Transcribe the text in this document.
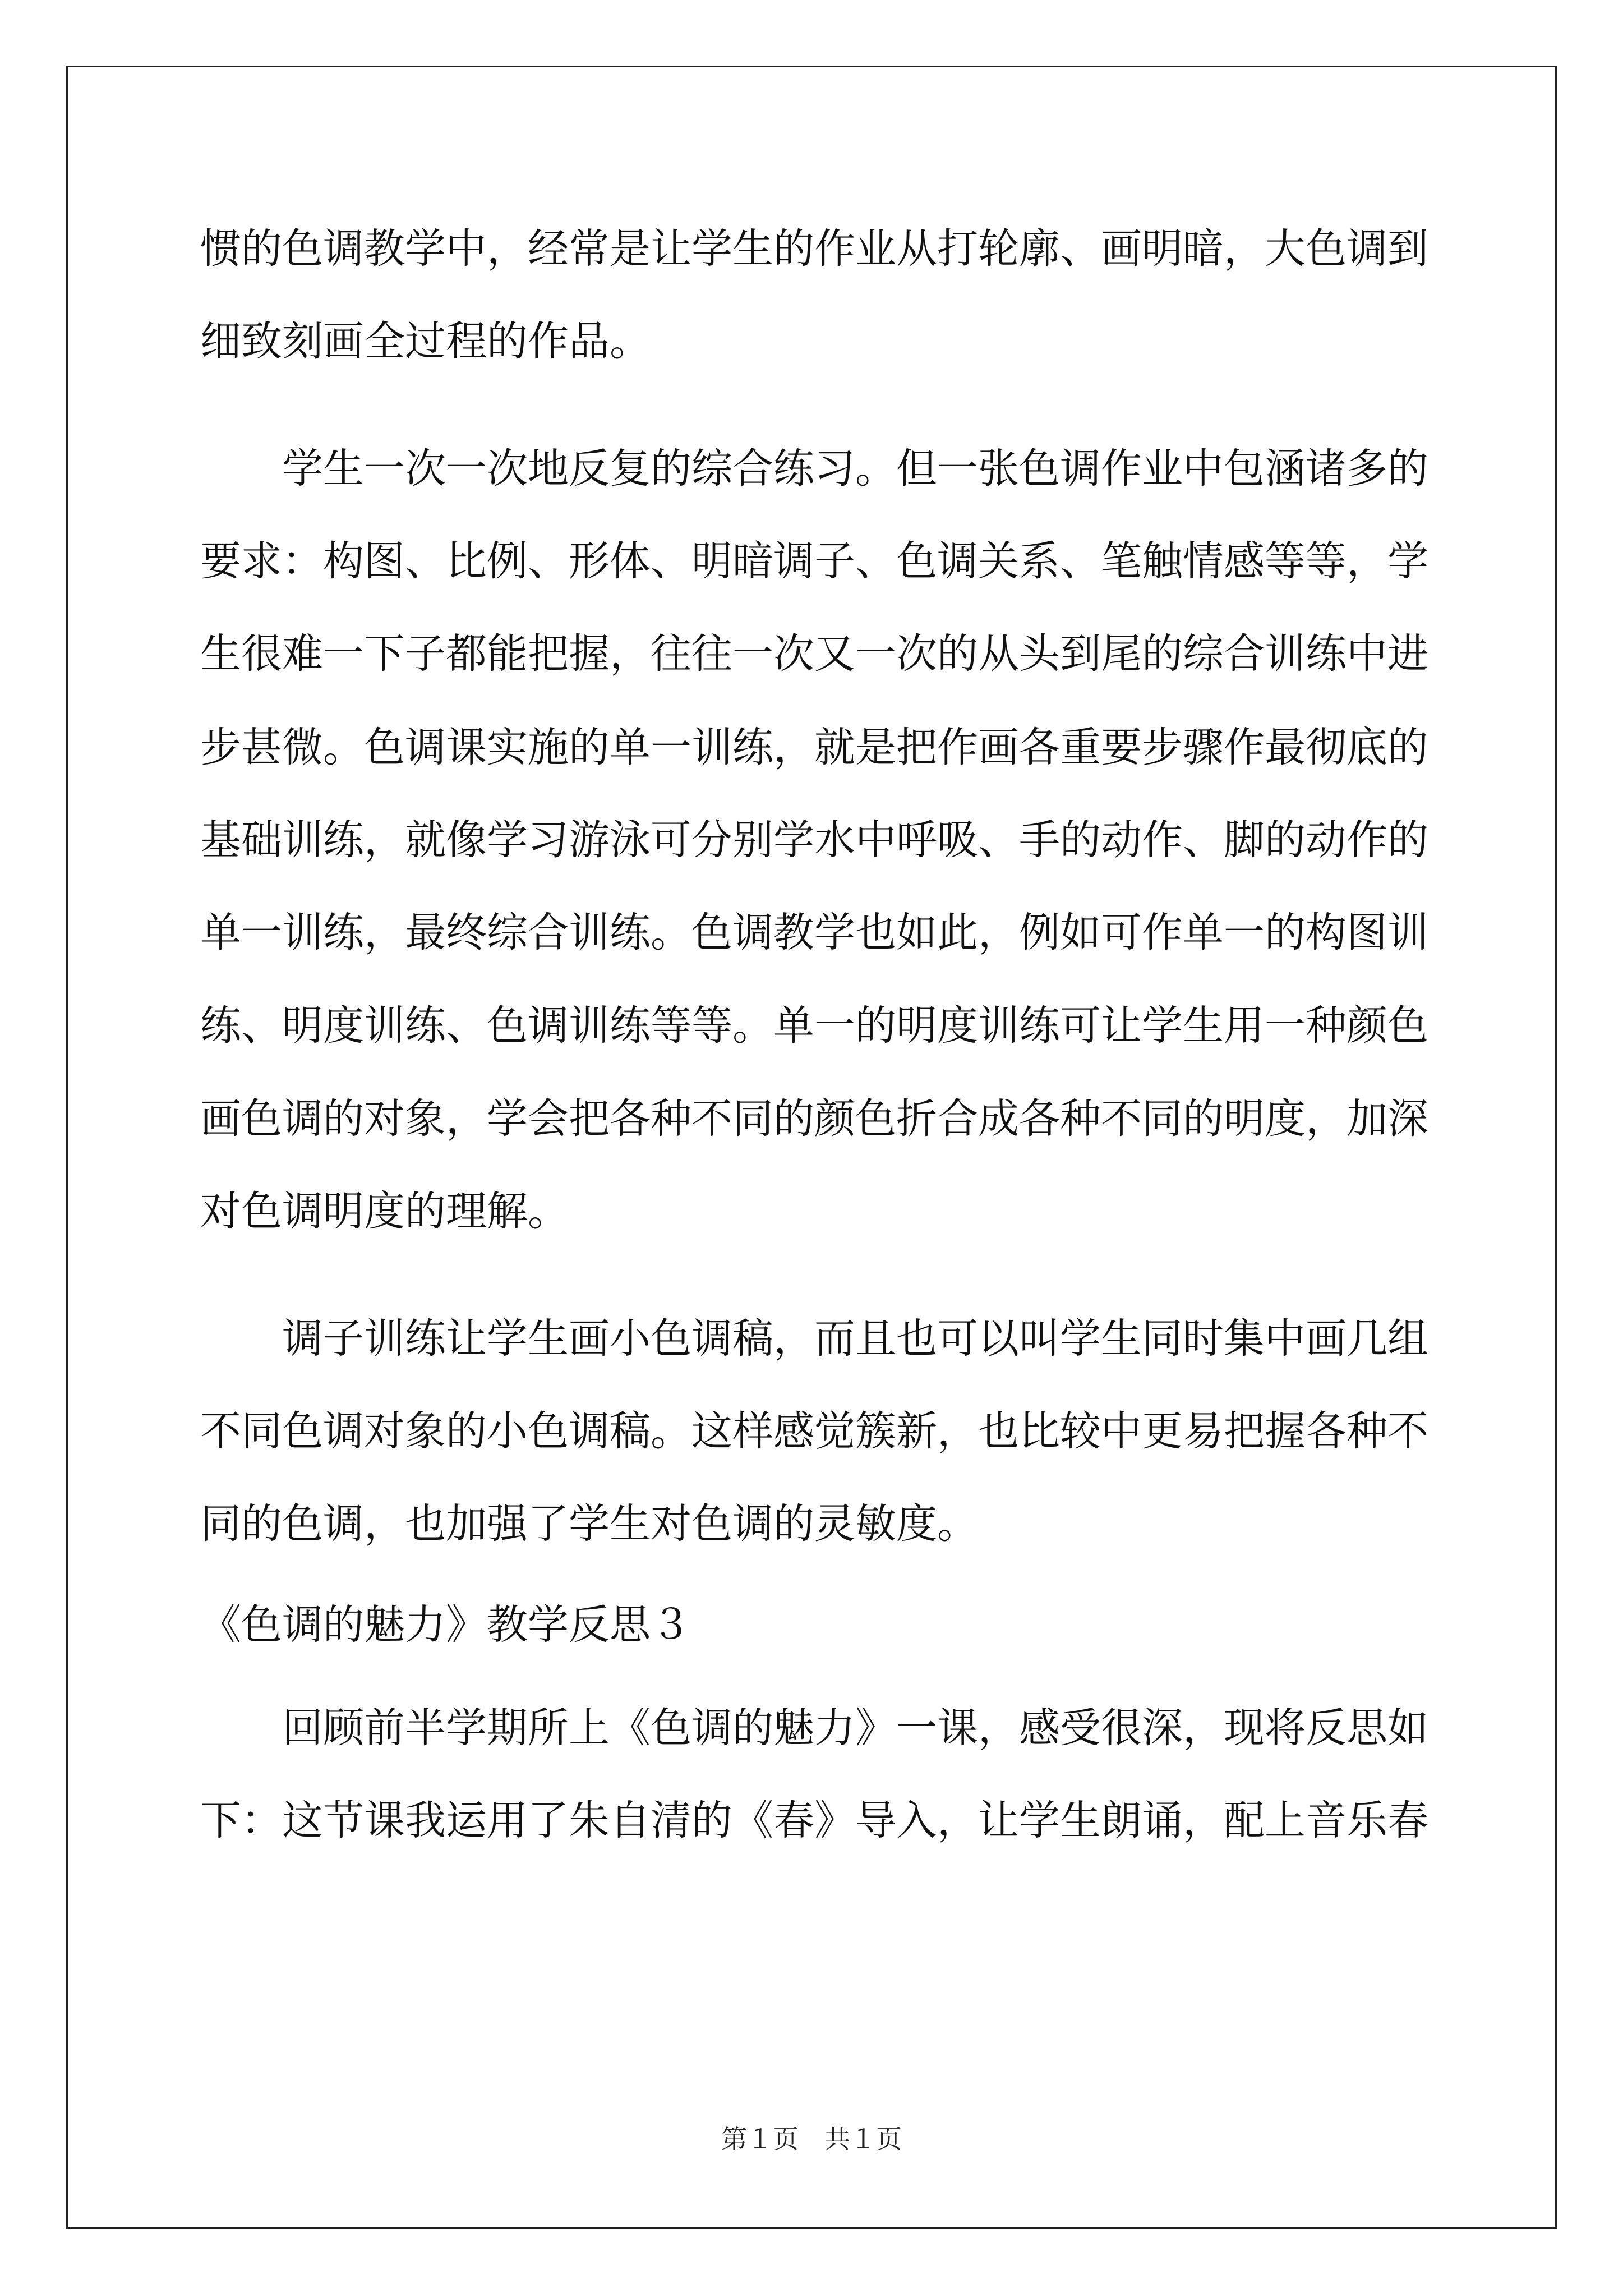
惯的色调教学中，经常是让学生的作业从打轮廓、画明暗，大色调到
细致刻画全过程的作品。
学生一次一次地反复的综合练习。但一张色调作业中包涵诸多的
要求：构图、比例、形体、明暗调子、色调关系、笔触情感等等，学
生很难一下子都能把握，往往一次又一次的从头到尾的综合训练中进
步甚微。色调课实施的单一训练，就是把作画各重要步骤作最彻底的
基础训练，就像学习游泳可分别学水中呼吸、手的动作、脚的动作的
单一训练，最终综合训练。色调教学也如此，例如可作单一的构图训
练、明度训练、色调训练等等。单一的明度训练可让学生用一种颜色
画色调的对象，学会把各种不同的颜色折合成各种不同的明度，加深
对色调明度的理解。
调子训练让学生画小色调稿，而且也可以叫学生同时集中画几组
不同色调对象的小色调稿。这样感觉簇新，也比较中更易把握各种不
同的色调，也加强了学生对色调的灵敏度。
《色调的魅力》教学反思３
回顾前半学期所上《色调的魅力》一课，感受很深，现将反思如
下：这节课我运用了朱自清的《春》导入，让学生朗诵，配上音乐春
第１页　共１页
